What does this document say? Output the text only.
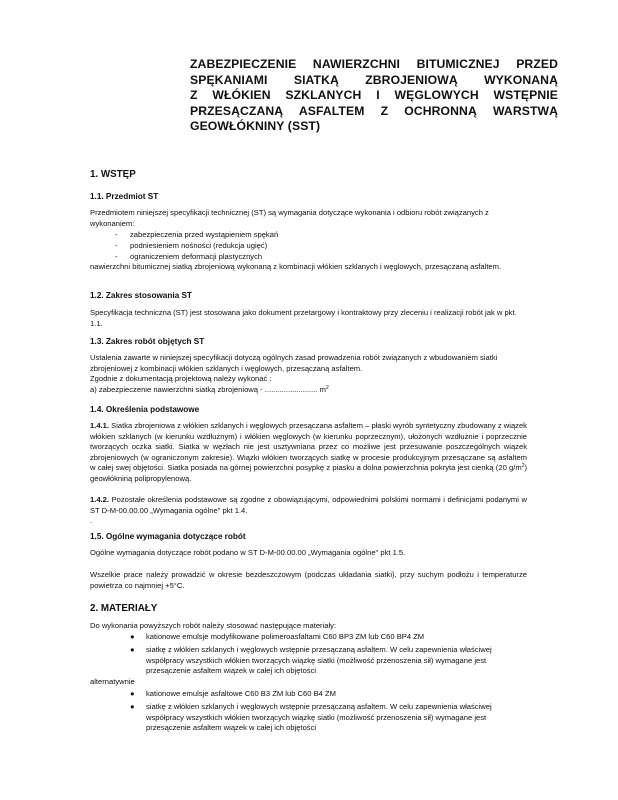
ZABEZPIECZENIE NAWIERZCHNI BITUMICZNEJ PRZED
SPĘKANIAMI SIATKĄ ZBROJENIOWĄ WYKONANĄ
Z WŁÓKIEN SZKLANYCH I WĘGLOWYCH WSTĘPNIE
PRZESĄCZANĄ ASFALTEM Z OCHRONNĄ WARSTWĄ
GEOWŁÓKNINY (SST)
1. WSTĘP
1.1. Przedmiot ST
Przedmiotem niniejszej specyfikacji technicznej (ST) są wymagania dotyczące wykonania i odbioru robót związanych z wykonaniem:
- zabezpieczenia przed wystąpieniem spękań
- podniesieniem nośności (redukcja ugięć)
- ograniczeniem deformacji plastycznych
nawierzchni bitumicznej siatką zbrojeniową wykonaną z kombinacji włókien szklanych i węglowych, przesączaną asfaltem.
1.2. Zakres stosowania ST
Specyfikacja techniczna (ST) jest stosowana jako dokument przetargowy i kontraktowy przy zleceniu i realizacji robót jak w pkt. 1.1.
1.3. Zakres robót objętych ST
Ustalenia zawarte w niniejszej specyfikacji dotyczą ogólnych zasad prowadzenia robót związanych z wbudowaniem siatki zbrojeniowej z kombinacji włókien szklanych i węglowych, przesączaną asfaltem.
Zgodnie z dokumentacją projektową należy wykonać :
a) zabezpieczenie nawierzchni siatką zbrojeniową - ......................... $m^2$
1.4. Określenia podstawowe
1.4.1. Siatka zbrojeniowa z włókien szklanych i węglowych przesączana asfaltem – płaski wyrób syntetyczny zbudowany z wiązek włókien szklanych (w kierunku wzdłużnym) i włókien węglowych (w kierunku poprzecznym), ułożonych wzdłużnie i poprzecznie tworzących oczka siatki. Siatka w węzłach nie jest usztywniana przez co możliwe jest przesuwanie poszczególnych wiązek zbrojeniowych (w ograniczonym zakresie). Wiązki włókien tworzących siatkę w procesie produkcyjnym przesączane są asfaltem w całej swej objętości. Siatka posiada na górnej powierzchni posypkę z piasku a dolna powierzchnia pokryta jest cienką (20 $g/m^2$) geowłókniną polipropylenową.
1.4.2. Pozostałe określenia podstawowe są zgodne z obowiązującymi, odpowiednimi polskimi normami i definicjami podanymi w ST D-M-00.00.00 „Wymagania ogólne" pkt 1.4.
.
1.5. Ogólne wymagania dotyczące robót
Ogólne wymagania dotyczące robót podano w ST D-M-00.00.00 „Wymagania ogólne" pkt 1.5.
Wszelkie prace należy prowadzić w okresie bezdeszczowym (podczas układania siatki), przy suchym podłożu i temperaturze powietrza co najmniej +5°C.
2. MATERIAŁY
Do wykonania powyższych robót należy stosować następujące materiały:
● kationowe emulsje modyfikowane polimeroasfaltami C60 BP3 ZM lub C60 BP4 ZM
● siatkę z włókien szklanych i węglowych wstępnie przesączaną asfaltem. W celu zapewnienia właściwej współpracy wszystkich włókien tworzących wiązkę siatki (możliwość przenoszenia sił) wymagane jest przesączenie asfaltem wiązek w całej ich objętości
alternatywnie
● kationowe emulsje asfaltowe C60 B3 ZM lub C60 B4 ZM
● siatkę z włókien szklanych i węglowych wstępnie przesączaną asfaltem. W celu zapewnienia właściwej współpracy wszystkich włókien tworzących wiązkę siatki (możliwość przenoszenia sił) wymagane jest przesączenie asfaltem wiązek w całej ich objętości
